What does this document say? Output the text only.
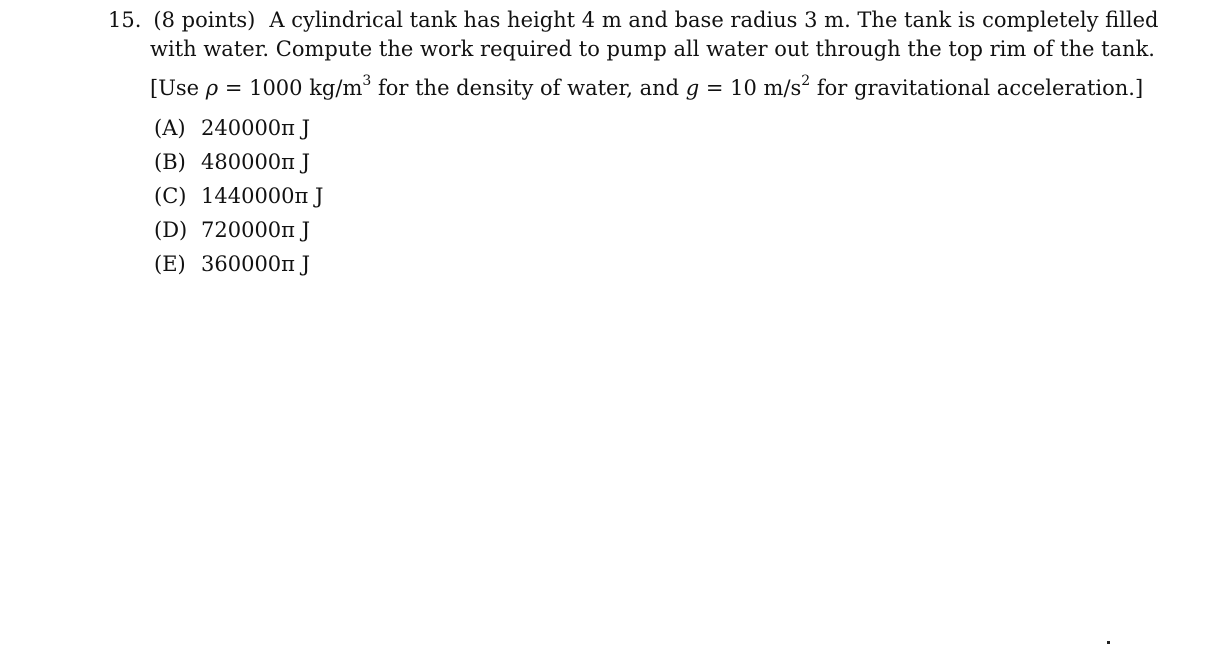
15. (8 points) A cylindrical tank has height 4 m and base radius 3 m. The tank is completely filled
with water. Compute the work required to pump all water out through the top rim of the tank.
[Use ρ = 1000 $kg/m^3$ for the density of water, and g = 10 $m/s^2$ for gravitational acceleration.]
(A) 240000π J
(B) 480000π J
(C) 1440000π J
(D) 720000π J
(E) 360000π J
